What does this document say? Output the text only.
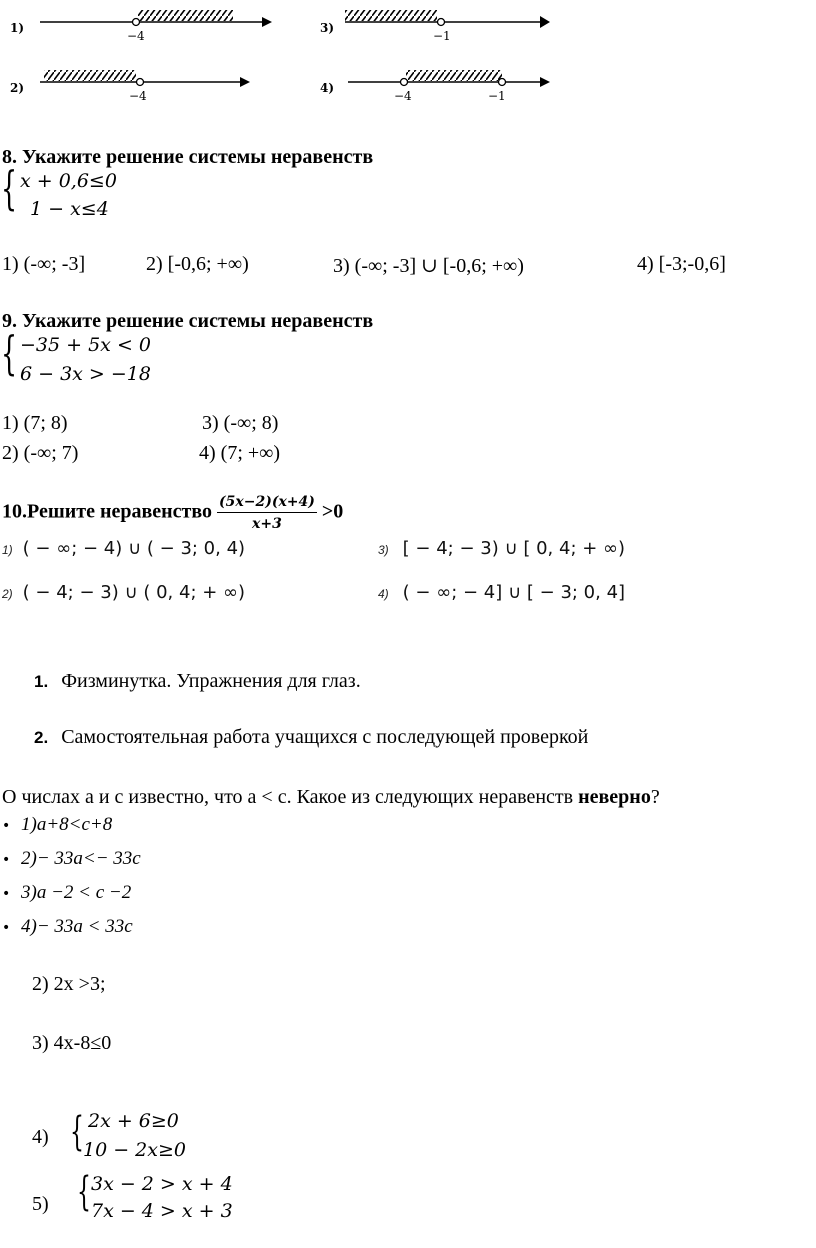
1)
−4
3)
−1
2)
−4
4)
−4	−1
8. Укажите решение системы неравенств
{ x + 0,6≤0
1 − x≤4
1) (-∞; -3]	2) [-0,6; +∞)	3) (-∞; -3] ∪ [-0,6; +∞)	4) [-3;-0,6]
9. Укажите решение системы неравенств
{ −35 + 5x < 0
6 − 3x > −18
1) (7; 8)	3) (-∞; 8)
2) (-∞; 7)	4) (7; +∞)
10.Решите неравенство $\frac{(5x-2)(x+4)}{x+3} >0$
1) ( − ∞; − 4) ∪ ( − 3; 0, 4)	3) [ − 4; − 3) ∪ [ 0, 4; + ∞)
2) ( − 4; − 3) ∪ ( 0, 4; + ∞)	4) ( − ∞; − 4] ∪ [ − 3; 0, 4]
1. Физминутка. Упражнения для глаз.
2. Самостоятельная работа учащихся с последующей проверкой
О числах а и с известно, что а < с. Какое из следующих неравенств неверно?
• 1)a+8<c+8
• 2)− 33a<− 33c
• 3)a −2 < c −2
• 4)− 33a < 33c
2) 2x >3;
3) 4x-8≤0
4) { 2x + 6≥0
10 − 2x≥0
5) { 3x − 2 > x + 4
7x − 4 > x + 3
